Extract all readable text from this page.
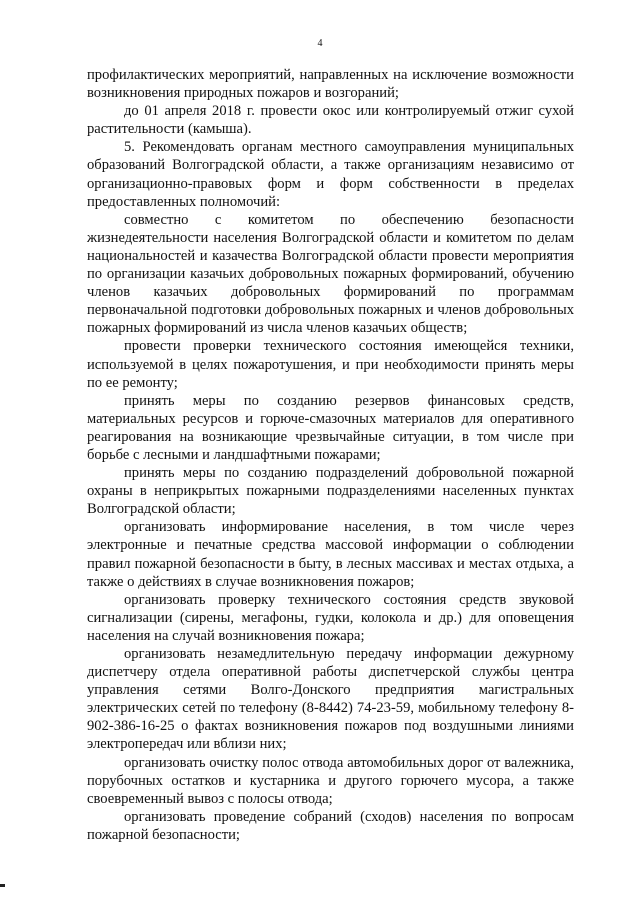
4

профилактических мероприятий, направленных на исключение возможности возникновения природных пожаров и возгораний;

до 01 апреля 2018 г. провести окос или контролируемый отжиг сухой растительности (камыша).

5. Рекомендовать органам местного самоуправления муниципальных образований Волгоградской области, а также организациям независимо от организационно-правовых форм и форм собственности в пределах предоставленных полномочий:

совместно с комитетом по обеспечению безопасности жизнедеятельности населения Волгоградской области и комитетом по делам национальностей и казачества Волгоградской области провести мероприятия по организации казачьих добровольных пожарных формирований, обучению членов казачьих добровольных формирований по программам первоначальной подготовки добровольных пожарных и членов добровольных пожарных формирований из числа членов казачьих обществ;

провести проверки технического состояния имеющейся техники, используемой в целях пожаротушения, и при необходимости принять меры по ее ремонту;

принять меры по созданию резервов финансовых средств, материальных ресурсов и горюче-смазочных материалов для оперативного реагирования на возникающие чрезвычайные ситуации, в том числе при борьбе с лесными и ландшафтными пожарами;

принять меры по созданию подразделений добровольной пожарной охраны в неприкрытых пожарными подразделениями населенных пунктах Волгоградской области;

организовать информирование населения, в том числе через электронные и печатные средства массовой информации о соблюдении правил пожарной безопасности в быту, в лесных массивах и местах отдыха, а также о действиях в случае возникновения пожаров;

организовать проверку технического состояния средств звуковой сигнализации (сирены, мегафоны, гудки, колокола и др.) для оповещения населения на случай возникновения пожара;

организовать незамедлительную передачу информации дежурному диспетчеру отдела оперативной работы диспетчерской службы центра управления сетями Волго-Донского предприятия магистральных электрических сетей по телефону (8-8442) 74-23-59, мобильному телефону 8-902-386-16-25 о фактах возникновения пожаров под воздушными линиями электропередач или вблизи них;

организовать очистку полос отвода автомобильных дорог от валежника, порубочных остатков и кустарника и другого горючего мусора, а также своевременный вывоз с полосы отвода;

организовать проведение собраний (сходов) населения по вопросам пожарной безопасности;
